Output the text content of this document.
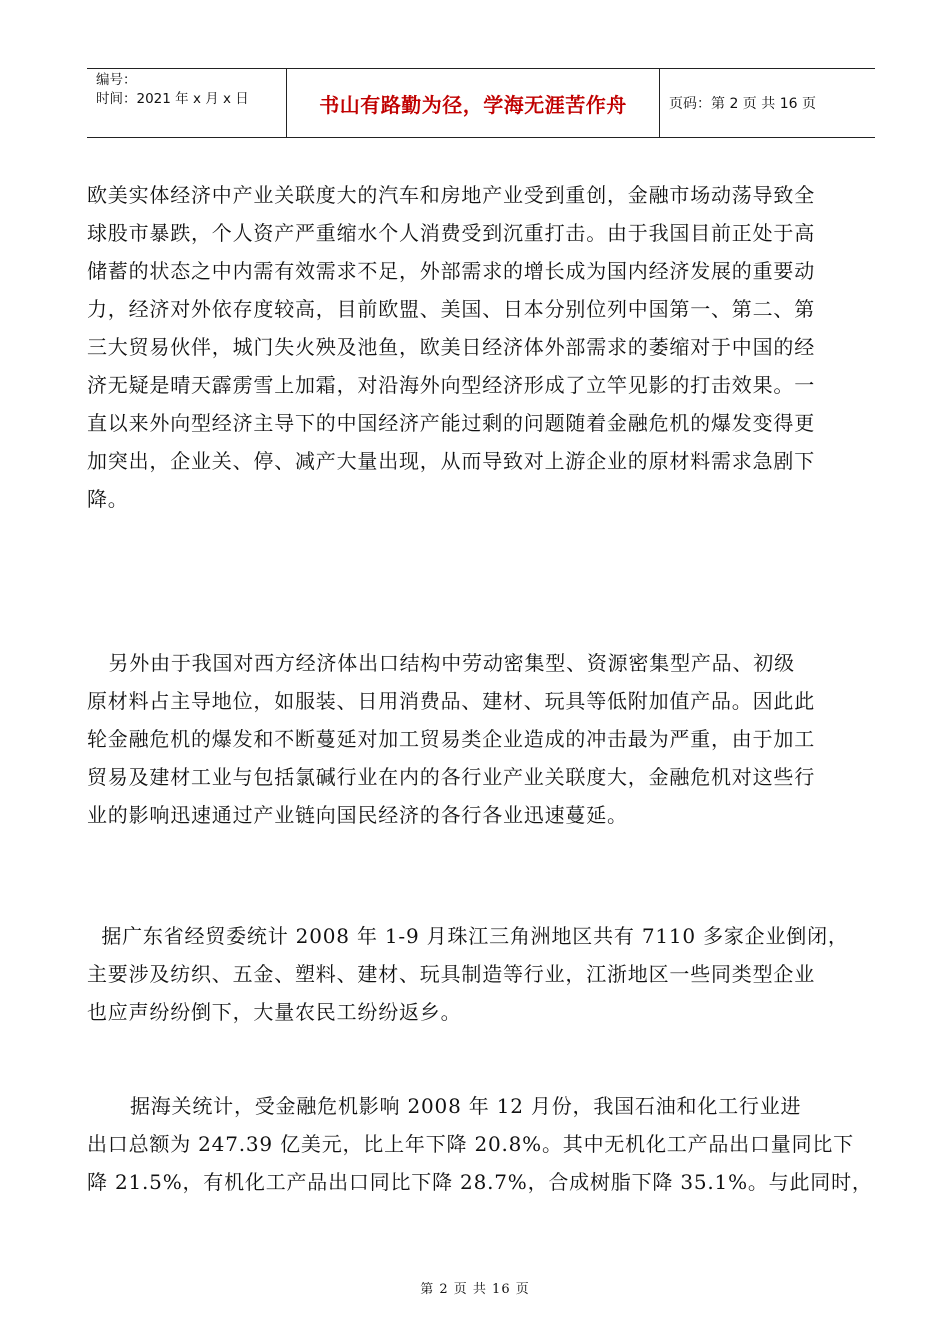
编号：
时间：2021 年 x 月 x 日	书山有路勤为径，学海无涯苦作舟	页码：第 2 页 共 16 页

欧美实体经济中产业关联度大的汽车和房地产业受到重创，金融市场动荡导致全
球股市暴跌，个人资产严重缩水个人消费受到沉重打击。由于我国目前正处于高
储蓄的状态之中内需有效需求不足，外部需求的增长成为国内经济发展的重要动
力，经济对外依存度较高，目前欧盟、美国、日本分别位列中国第一、第二、第
三大贸易伙伴，城门失火殃及池鱼，欧美日经济体外部需求的萎缩对于中国的经
济无疑是晴天霹雳雪上加霜，对沿海外向型经济形成了立竿见影的打击效果。一
直以来外向型经济主导下的中国经济产能过剩的问题随着金融危机的爆发变得更
加突出，企业关、停、减产大量出现，从而导致对上游企业的原材料需求急剧下
降。

另外由于我国对西方经济体出口结构中劳动密集型、资源密集型产品、初级
原材料占主导地位，如服装、日用消费品、建材、玩具等低附加值产品。因此此
轮金融危机的爆发和不断蔓延对加工贸易类企业造成的冲击最为严重，由于加工
贸易及建材工业与包括氯碱行业在内的各行业产业关联度大，金融危机对这些行
业的影响迅速通过产业链向国民经济的各行各业迅速蔓延。

据广东省经贸委统计 2008 年 1-9 月珠江三角洲地区共有 7110 多家企业倒闭，
主要涉及纺织、五金、塑料、建材、玩具制造等行业，江浙地区一些同类型企业
也应声纷纷倒下，大量农民工纷纷返乡。

据海关统计，受金融危机影响 2008 年 12 月份，我国石油和化工行业进
出口总额为 247.39 亿美元，比上年下降 20.8%。其中无机化工产品出口量同比下
降 21.5%，有机化工产品出口同比下降 28.7%，合成树脂下降 35.1%。与此同时，

第 2 页 共 16 页
